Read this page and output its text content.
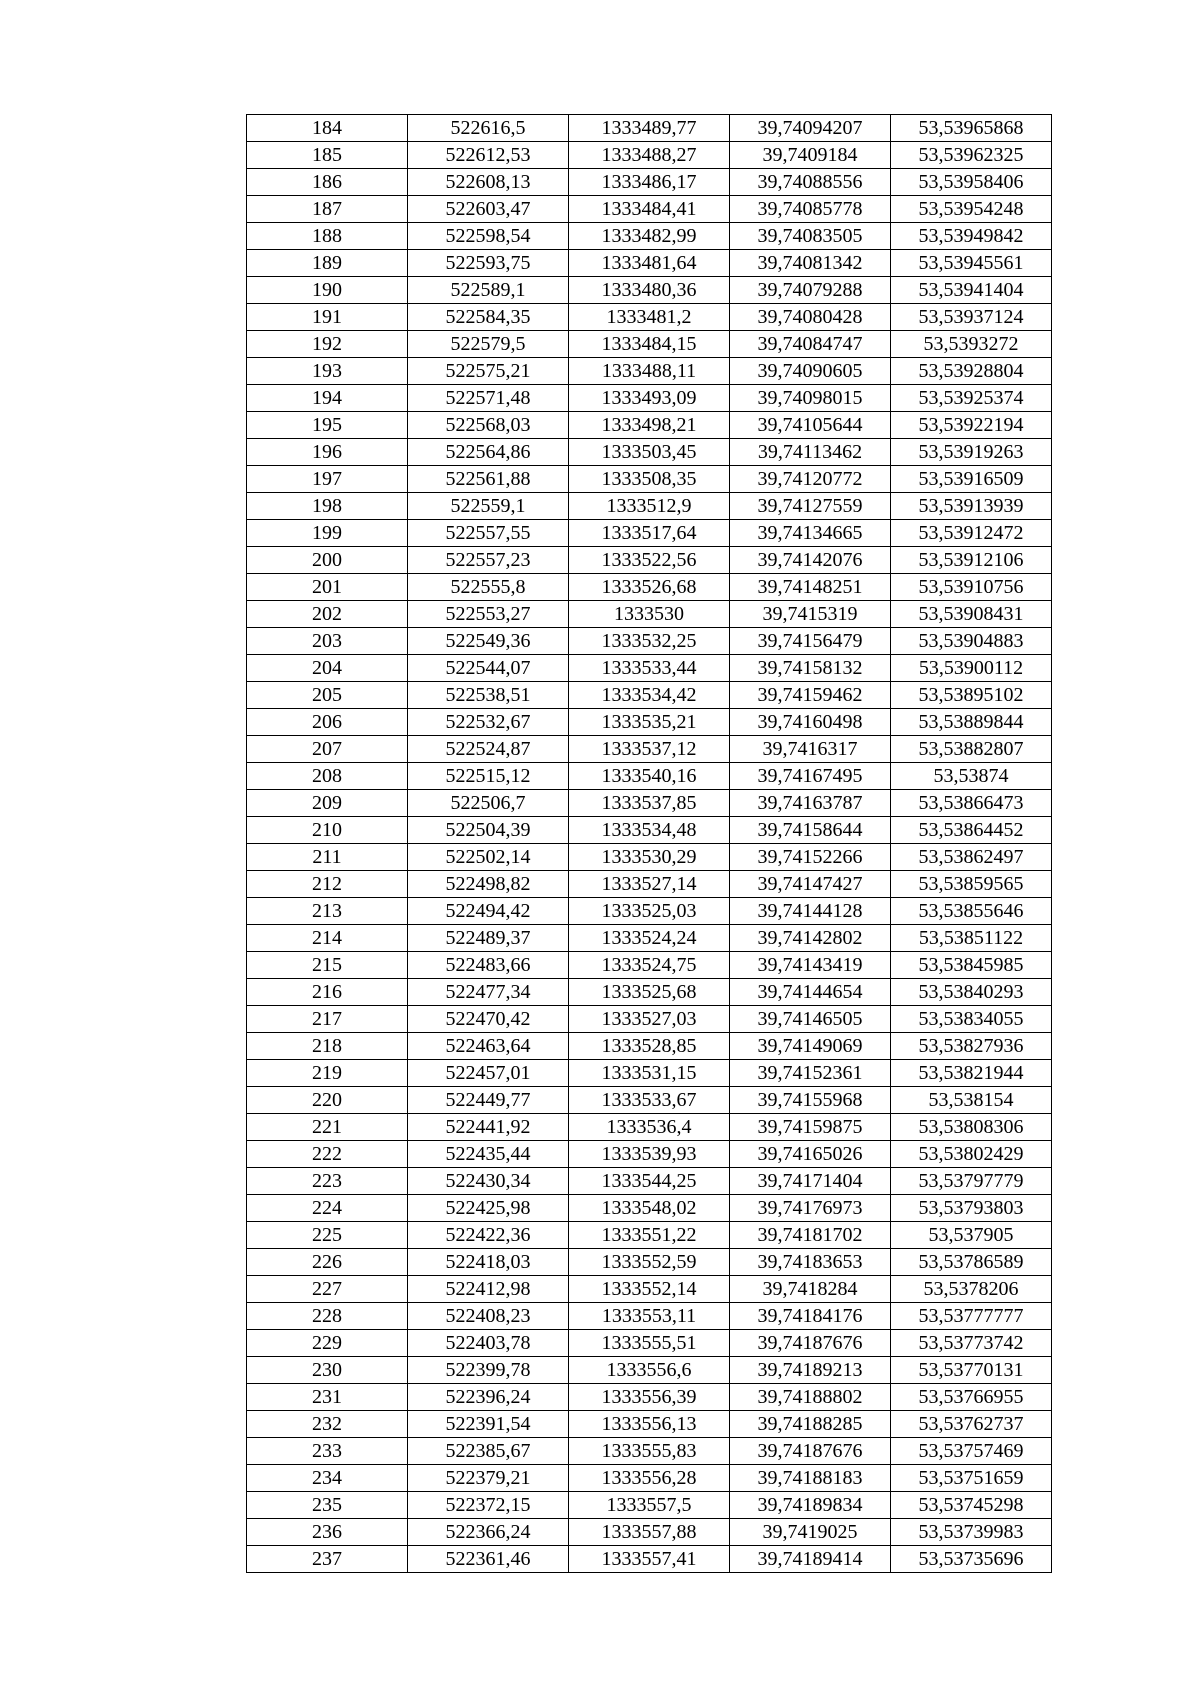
184	522616,5	1333489,77	39,74094207	53,53965868
185	522612,53	1333488,27	39,7409184	53,53962325
186	522608,13	1333486,17	39,74088556	53,53958406
187	522603,47	1333484,41	39,74085778	53,53954248
188	522598,54	1333482,99	39,74083505	53,53949842
189	522593,75	1333481,64	39,74081342	53,53945561
190	522589,1	1333480,36	39,74079288	53,53941404
191	522584,35	1333481,2	39,74080428	53,53937124
192	522579,5	1333484,15	39,74084747	53,5393272
193	522575,21	1333488,11	39,74090605	53,53928804
194	522571,48	1333493,09	39,74098015	53,53925374
195	522568,03	1333498,21	39,74105644	53,53922194
196	522564,86	1333503,45	39,74113462	53,53919263
197	522561,88	1333508,35	39,74120772	53,53916509
198	522559,1	1333512,9	39,74127559	53,53913939
199	522557,55	1333517,64	39,74134665	53,53912472
200	522557,23	1333522,56	39,74142076	53,53912106
201	522555,8	1333526,68	39,74148251	53,53910756
202	522553,27	1333530	39,7415319	53,53908431
203	522549,36	1333532,25	39,74156479	53,53904883
204	522544,07	1333533,44	39,74158132	53,53900112
205	522538,51	1333534,42	39,74159462	53,53895102
206	522532,67	1333535,21	39,74160498	53,53889844
207	522524,87	1333537,12	39,7416317	53,53882807
208	522515,12	1333540,16	39,74167495	53,53874
209	522506,7	1333537,85	39,74163787	53,53866473
210	522504,39	1333534,48	39,74158644	53,53864452
211	522502,14	1333530,29	39,74152266	53,53862497
212	522498,82	1333527,14	39,74147427	53,53859565
213	522494,42	1333525,03	39,74144128	53,53855646
214	522489,37	1333524,24	39,74142802	53,53851122
215	522483,66	1333524,75	39,74143419	53,53845985
216	522477,34	1333525,68	39,74144654	53,53840293
217	522470,42	1333527,03	39,74146505	53,53834055
218	522463,64	1333528,85	39,74149069	53,53827936
219	522457,01	1333531,15	39,74152361	53,53821944
220	522449,77	1333533,67	39,74155968	53,538154
221	522441,92	1333536,4	39,74159875	53,53808306
222	522435,44	1333539,93	39,74165026	53,53802429
223	522430,34	1333544,25	39,74171404	53,53797779
224	522425,98	1333548,02	39,74176973	53,53793803
225	522422,36	1333551,22	39,74181702	53,537905
226	522418,03	1333552,59	39,74183653	53,53786589
227	522412,98	1333552,14	39,7418284	53,5378206
228	522408,23	1333553,11	39,74184176	53,53777777
229	522403,78	1333555,51	39,74187676	53,53773742
230	522399,78	1333556,6	39,74189213	53,53770131
231	522396,24	1333556,39	39,74188802	53,53766955
232	522391,54	1333556,13	39,74188285	53,53762737
233	522385,67	1333555,83	39,74187676	53,53757469
234	522379,21	1333556,28	39,74188183	53,53751659
235	522372,15	1333557,5	39,74189834	53,53745298
236	522366,24	1333557,88	39,7419025	53,53739983
237	522361,46	1333557,41	39,74189414	53,53735696
